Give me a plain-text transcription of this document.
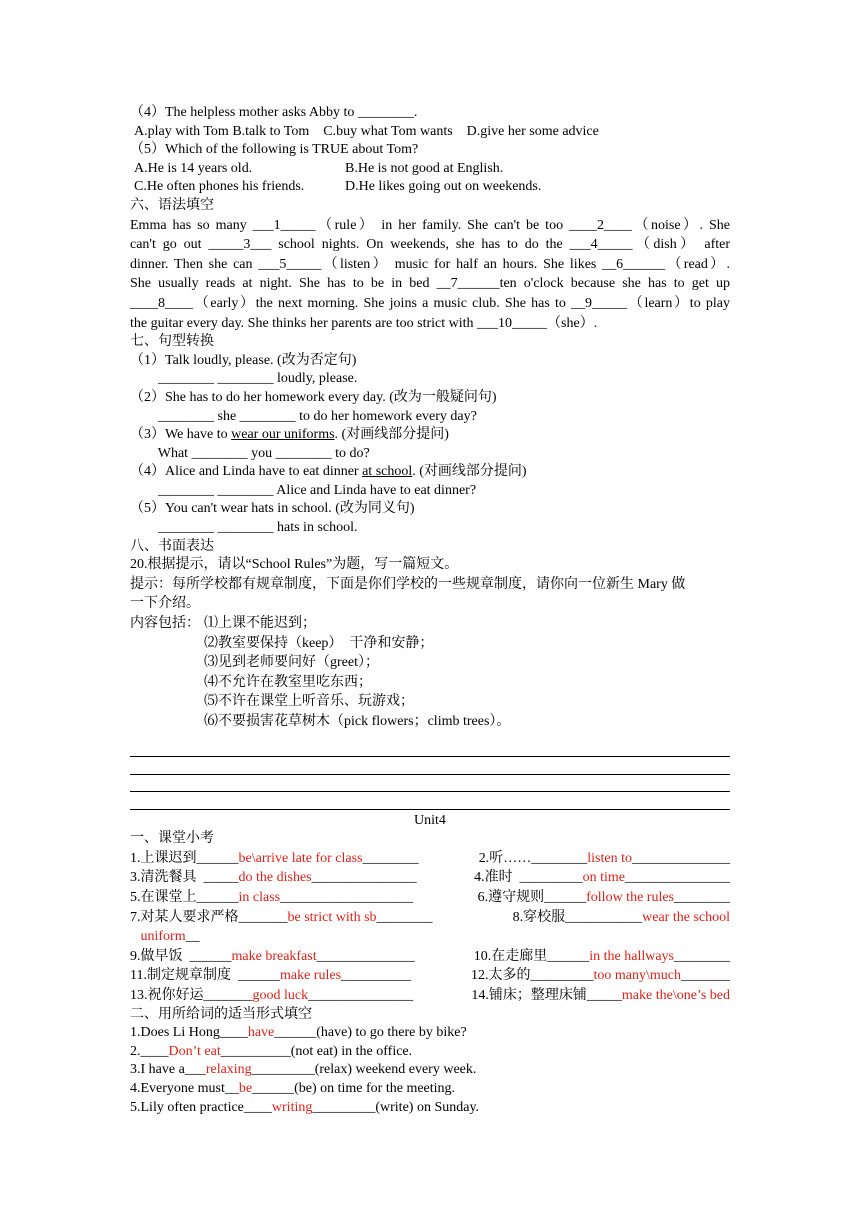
（4）The helpless mother asks Abby to ________.
A.play with Tom B.talk to Tom    C.buy what Tom wants    D.give her some advice
（5）Which of the following is TRUE about Tom?
A.He is 14 years old.	B.He is not good at English.
C.He often phones his friends.	D.He likes going out on weekends.
六、语法填空
Emma has so many ___1_____（rule） in her family. She can't be too ____2____（noise）. She
can't go out _____3___ school nights. On weekends, she has to do the ___4_____（dish） after
dinner. Then she can ___5_____（listen） music for half an hours. She likes __6______（read）.
She usually reads at night. She has to be in bed __7______ten o'clock because she has to get up
____8____（early）the next morning. She joins a music club. She has to __9_____（learn）to play
the guitar every day. She thinks her parents are too strict with ___10_____（she）.
七、句型转换
（1）Talk loudly, please. (改为否定句)
________ ________ loudly, please.
（2）She has to do her homework every day. (改为一般疑问句)
________ she ________ to do her homework every day?
（3）We have to wear our uniforms. (对画线部分提问)
What ________ you ________ to do?
（4）Alice and Linda have to eat dinner at school. (对画线部分提问)
________ ________ Alice and Linda have to eat dinner?
（5）You can't wear hats in school. (改为同义句)
________ ________ hats in school.
八、书面表达
20.根据提示，请以“School Rules”为题，写一篇短文。
提示：每所学校都有规章制度，下面是你们学校的一些规章制度，请你向一位新生 Mary 做
一下介绍。
内容包括： ⑴上课不能迟到；
⑵教室要保持（keep）  干净和安静；
⑶见到老师要问好（greet）；
⑷不允许在教室里吃东西；
⑸不许在课堂上听音乐、玩游戏；
⑹不要损害花草树木（pick flowers；climb trees）。
Unit4
一、课堂小考
1.上课迟到______be\arrive late for class________	2.听……________listen to______________
3.清洗餐具  _____do the dishes_______________	4.准时  _________on time_______________
5.在课堂上______in class___________________	6.遵守规则______follow the rules________
7.对某人要求严格_______be strict with sb________	8.穿校服___________wear the school
uniform__
9.做早饭  ______make breakfast______________	10.在走廊里______in the hallways________
11.制定规章制度  ______make rules__________	12.太多的_________too many\much_______
13.祝你好运_______good luck_______________	14.铺床；整理床铺_____make the\one’s bed
二、用所给词的适当形式填空
1.Does Li Hong____have______(have) to go there by bike?
2.____Don’t eat__________(not eat) in the office.
3.I have a___relaxing_________(relax) weekend every week.
4.Everyone must__be______(be) on time for the meeting.
5.Lily often practice____writing_________(write) on Sunday.
